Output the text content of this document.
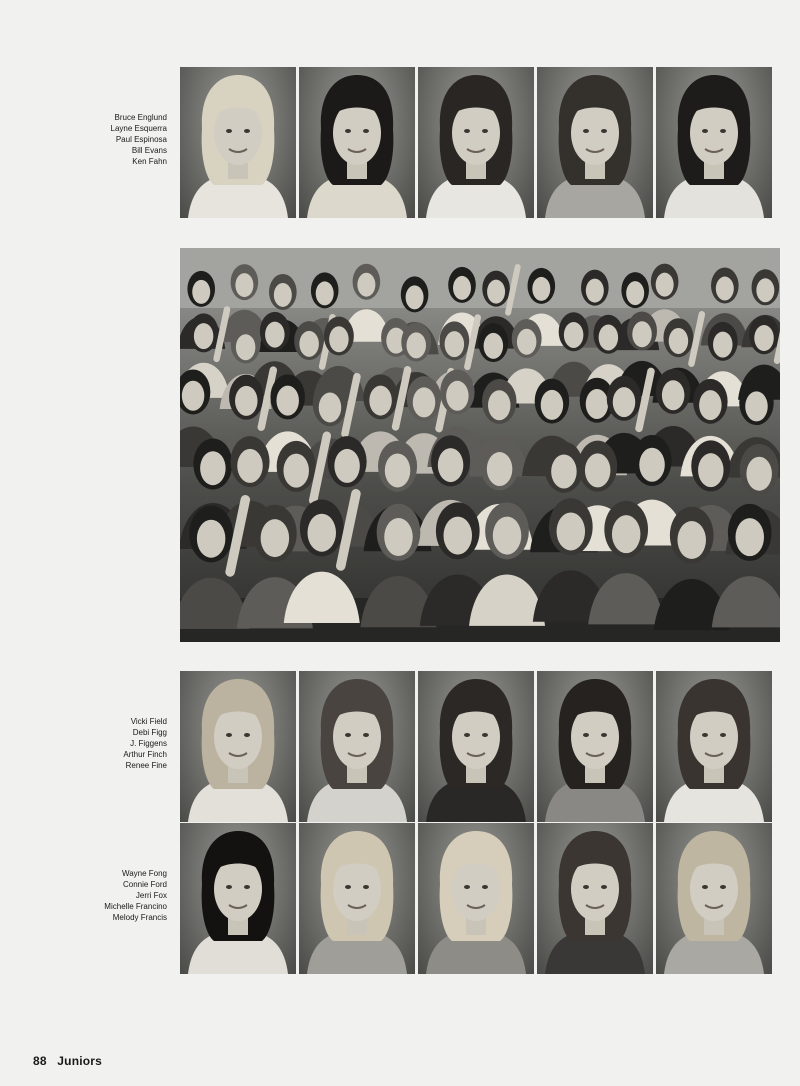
Bruce Englund
Layne Esquerra
Paul Espinosa
Bill Evans
Ken Fahn
Vicki Field
Debi Figg
J. Figgens
Arthur Finch
Renee Fine
Wayne Fong
Connie Ford
Jerri Fox
Michelle Francino
Melody Francis
88 Juniors
